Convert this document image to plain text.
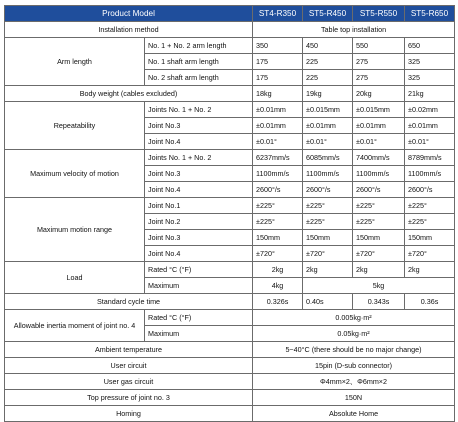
Product Model		ST4-R350	ST5-R450	ST5-R550	ST5-R650
Installation method		Table top installation			
Arm length	No. 1 + No. 2 arm length	350	450	550	650
	No. 1 shaft arm length	175	225	275	325
	No. 2 shaft arm length	175	225	275	325
Body weight (cables excluded)		18kg	19kg	20kg	21kg
Repeatability	Joints No. 1 + No. 2	±0.01mm	±0.015mm	±0.015mm	±0.02mm
	Joint No.3	±0.01mm	±0.01mm	±0.01mm	±0.01mm
	Joint No.4	±0.01°	±0.01°	±0.01°	±0.01°
Maximum velocity of motion	Joints No. 1 + No. 2	6237mm/s	6085mm/s	7400mm/s	8789mm/s
	Joint No.3	1100mm/s	1100mm/s	1100mm/s	1100mm/s
	Joint No.4	2600°/s	2600°/s	2600°/s	2600°/s
Maximum motion range	Joint No.1	±225°	±225°	±225°	±225°
	Joint No.2	±225°	±225°	±225°	±225°
	Joint No.3	150mm	150mm	150mm	150mm
	Joint No.4	±720°	±720°	±720°	±720°
Load	Rated °C (°F)	2kg	2kg	2kg	2kg
	Maximum	4kg	5kg		
Standard cycle time		0.326s	0.40s	0.343s	0.36s
Allowable inertia moment of joint no. 4	Rated °C (°F)	0.005kg·m²			
	Maximum	0.05kg·m²			
Ambient temperature		5~40°C (there should be no major change)			
User circuit		15pin (D-sub connector)			
User gas circuit		Φ4mm×2、Φ6mm×2			
Top pressure of joint no. 3		150N			
Homing		Absolute Home			
